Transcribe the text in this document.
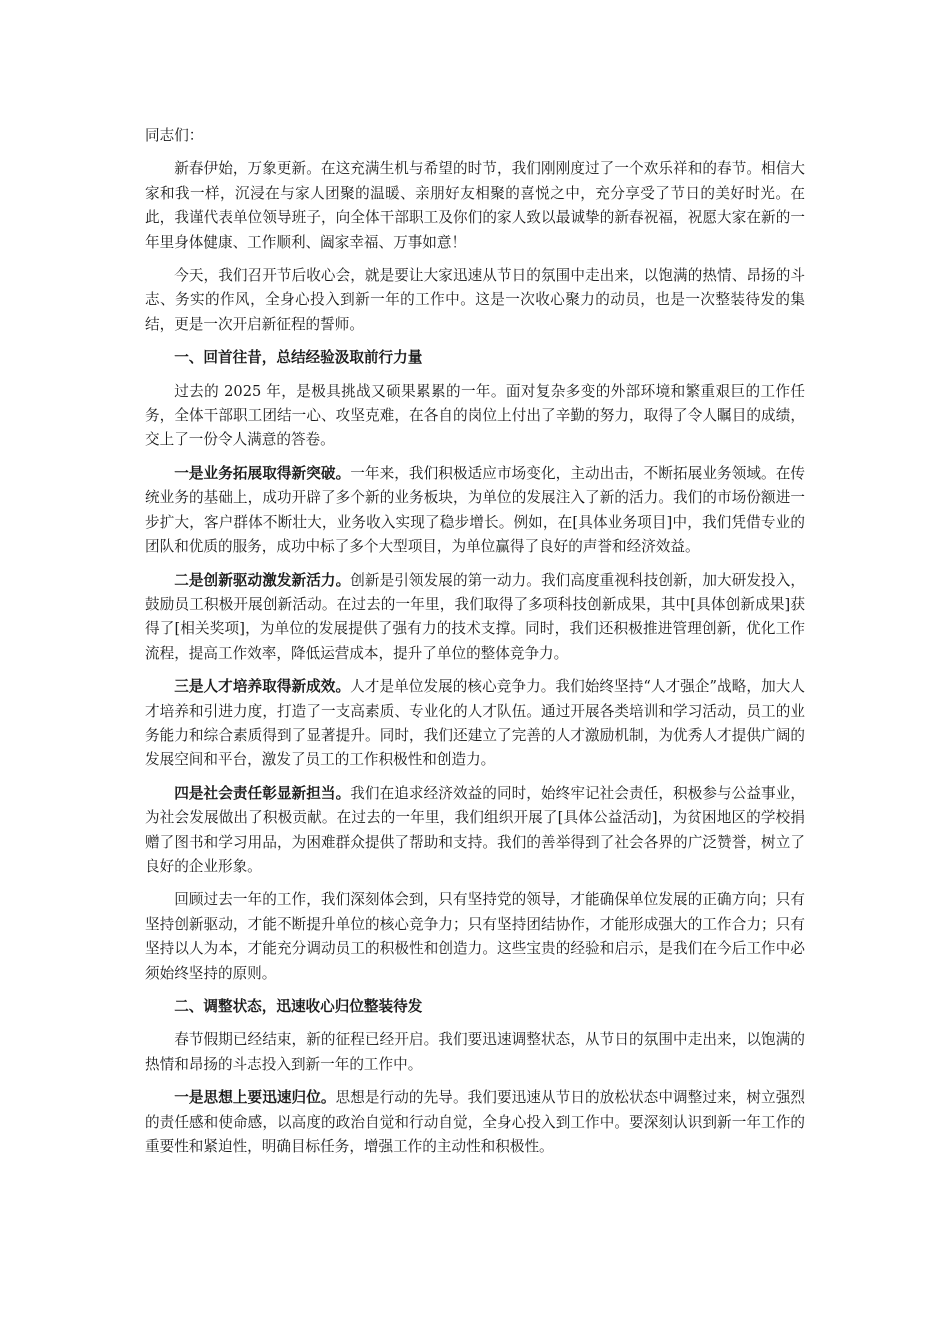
同志们：

新春伊始，万象更新。在这充满生机与希望的时节，我们刚刚度过了一个欢乐祥和的春节。相信大家和我一样，沉浸在与家人团聚的温暖、亲朋好友相聚的喜悦之中，充分享受了节日的美好时光。在此，我谨代表单位领导班子，向全体干部职工及你们的家人致以最诚挚的新春祝福，祝愿大家在新的一年里身体健康、工作顺利、阖家幸福、万事如意！

今天，我们召开节后收心会，就是要让大家迅速从节日的氛围中走出来，以饱满的热情、昂扬的斗志、务实的作风，全身心投入到新一年的工作中。这是一次收心聚力的动员，也是一次整装待发的集结，更是一次开启新征程的誓师。

一、回首往昔，总结经验汲取前行力量

过去的 2025 年，是极具挑战又硕果累累的一年。面对复杂多变的外部环境和繁重艰巨的工作任务，全体干部职工团结一心、攻坚克难，在各自的岗位上付出了辛勤的努力，取得了令人瞩目的成绩，交上了一份令人满意的答卷。

一是业务拓展取得新突破。一年来，我们积极适应市场变化，主动出击，不断拓展业务领域。在传统业务的基础上，成功开辟了多个新的业务板块，为单位的发展注入了新的活力。我们的市场份额进一步扩大，客户群体不断壮大，业务收入实现了稳步增长。例如，在[具体业务项目]中，我们凭借专业的团队和优质的服务，成功中标了多个大型项目，为单位赢得了良好的声誉和经济效益。

二是创新驱动激发新活力。创新是引领发展的第一动力。我们高度重视科技创新，加大研发投入，鼓励员工积极开展创新活动。在过去的一年里，我们取得了多项科技创新成果，其中[具体创新成果]获得了[相关奖项]，为单位的发展提供了强有力的技术支撑。同时，我们还积极推进管理创新，优化工作流程，提高工作效率，降低运营成本，提升了单位的整体竞争力。

三是人才培养取得新成效。人才是单位发展的核心竞争力。我们始终坚持“人才强企”战略，加大人才培养和引进力度，打造了一支高素质、专业化的人才队伍。通过开展各类培训和学习活动，员工的业务能力和综合素质得到了显著提升。同时，我们还建立了完善的人才激励机制，为优秀人才提供广阔的发展空间和平台，激发了员工的工作积极性和创造力。

四是社会责任彰显新担当。我们在追求经济效益的同时，始终牢记社会责任，积极参与公益事业，为社会发展做出了积极贡献。在过去的一年里，我们组织开展了[具体公益活动]，为贫困地区的学校捐赠了图书和学习用品，为困难群众提供了帮助和支持。我们的善举得到了社会各界的广泛赞誉，树立了良好的企业形象。

回顾过去一年的工作，我们深刻体会到，只有坚持党的领导，才能确保单位发展的正确方向；只有坚持创新驱动，才能不断提升单位的核心竞争力；只有坚持团结协作，才能形成强大的工作合力；只有坚持以人为本，才能充分调动员工的积极性和创造力。这些宝贵的经验和启示，是我们在今后工作中必须始终坚持的原则。

二、调整状态，迅速收心归位整装待发

春节假期已经结束，新的征程已经开启。我们要迅速调整状态，从节日的氛围中走出来，以饱满的热情和昂扬的斗志投入到新一年的工作中。

一是思想上要迅速归位。思想是行动的先导。我们要迅速从节日的放松状态中调整过来，树立强烈的责任感和使命感，以高度的政治自觉和行动自觉，全身心投入到工作中。要深刻认识到新一年工作的重要性和紧迫性，明确目标任务，增强工作的主动性和积极性。
